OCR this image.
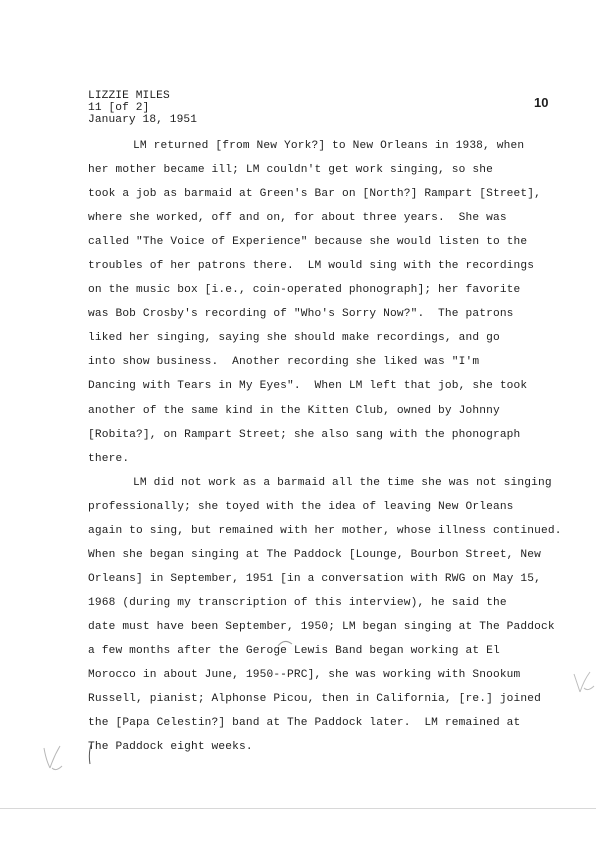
LIZZIE MILES
11 [of 2]
January 18, 1951
10
LM returned [from New York?] to New Orleans in 1938, when
her mother became ill; LM couldn't get work singing, so she
took a job as barmaid at Green's Bar on [North?] Rampart [Street],
where she worked, off and on, for about three years.  She was
called "The Voice of Experience" because she would listen to the
troubles of her patrons there.  LM would sing with the recordings
on the music box [i.e., coin-operated phonograph]; her favorite
was Bob Crosby's recording of "Who's Sorry Now?".  The patrons
liked her singing, saying she should make recordings, and go
into show business.  Another recording she liked was "I'm
Dancing with Tears in My Eyes".  When LM left that job, she took
another of the same kind in the Kitten Club, owned by Johnny
[Robita?], on Rampart Street; she also sang with the phonograph
there.
LM did not work as a barmaid all the time she was not singing
professionally; she toyed with the idea of leaving New Orleans
again to sing, but remained with her mother, whose illness continued.
When she began singing at The Paddock [Lounge, Bourbon Street, New
Orleans] in September, 1951 [in a conversation with RWG on May 15,
1968 (during my transcription of this interview), he said the
date must have been September, 1950; LM began singing at The Paddock
a few months after the Geroge Lewis Band began working at El
Morocco in about June, 1950--PRC], she was working with Snookum
Russell, pianist; Alphonse Picou, then in California, [re.] joined
the [Papa Celestin?] band at The Paddock later.  LM remained at
The Paddock eight weeks.
